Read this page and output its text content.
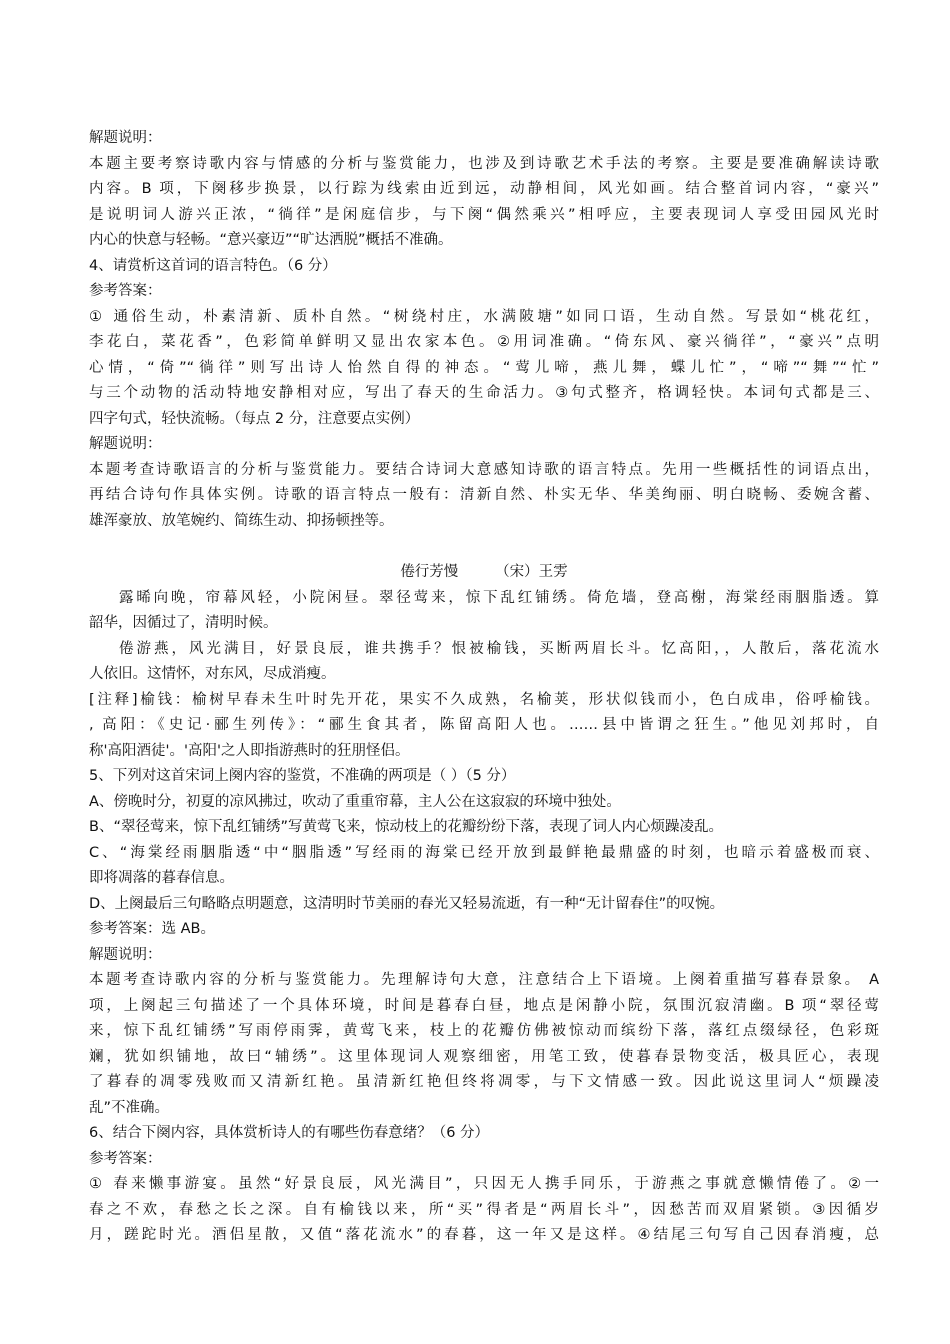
解题说明：
本题主要考察诗歌内容与情感的分析与鉴赏能力，也涉及到诗歌艺术手法的考察。主要是要准确解读诗歌
内容。B 项，下阕移步换景，以行踪为线索由近到远，动静相间，风光如画。结合整首词内容，“豪兴”
是说明词人游兴正浓，“徜徉”是闲庭信步，与下阕“偶然乘兴”相呼应，主要表现词人享受田园风光时
内心的快意与轻畅。“意兴豪迈”“旷达洒脱”概括不准确。
4、请赏析这首词的语言特色。（6 分）
参考答案：
① 通俗生动，朴素清新、质朴自然。“树绕村庄，水满陂塘”如同口语，生动自然。写景如“桃花红，
李花白，菜花香”，色彩简单鲜明又显出农家本色。②用词准确。“倚东风、豪兴徜徉”，“豪兴”点明
心情，“倚”“徜徉”则写出诗人怡然自得的神态。“莺儿啼，燕儿舞，蝶儿忙”，“啼”“舞”“忙”
与三个动物的活动特地安静相对应，写出了春天的生命活力。③句式整齐，格调轻快。本词句式都是三、
四字句式，轻快流畅。（每点 2 分，注意要点实例）
解题说明：
本题考查诗歌语言的分析与鉴赏能力。要结合诗词大意感知诗歌的语言特点。先用一些概括性的词语点出，
再结合诗句作具体实例。诗歌的语言特点一般有：清新自然、朴实无华、华美绚丽、明白晓畅、委婉含蓄、
雄浑豪放、放笔婉约、简练生动、抑扬顿挫等。
倦行芳慢        （宋）王雱
露晞向晚，帘幕风轻，小院闲昼。翠径莺来，惊下乱红铺绣。倚危墙，登高榭，海棠经雨胭脂透。算
韶华，因循过了，清明时候。
倦游燕，风光满目，好景良辰，谁共携手？恨被榆钱，买断两眉长斗。忆高阳，，人散后，落花流水
人依旧。这情怀，对东风，尽成消瘦。
[注释]榆钱：榆树早春未生叶时先开花，果实不久成熟，名榆荚，形状似钱而小，色白成串，俗呼榆钱。
, 高阳：《史记·郦生列传》：“郦生食其者，陈留高阳人也。……县中皆谓之狂生。”他见刘邦时，自
称'高阳酒徒'。'高阳'之人即指游燕时的狂朋怪侣。
5、下列对这首宋词上阕内容的鉴赏，不准确的两项是（ ）（5 分）
A、傍晚时分，初夏的凉风拂过，吹动了重重帘幕，主人公在这寂寂的环境中独处。
B、“翠径莺来，惊下乱红铺绣”写黄莺飞来，惊动枝上的花瓣纷纷下落，表现了词人内心烦躁凌乱。
C、“海棠经雨胭脂透“中“胭脂透”写经雨的海棠已经开放到最鲜艳最鼎盛的时刻，也暗示着盛极而衰、
即将凋落的暮春信息。
D、上阕最后三句略略点明题意，这清明时节美丽的春光又轻易流逝，有一种“无计留春住”的叹惋。
参考答案：选 AB。
解题说明：
本题考查诗歌内容的分析与鉴赏能力。先理解诗句大意，注意结合上下语境。上阕着重描写暮春景象。 A
项，上阕起三句描述了一个具体环境，时间是暮春白昼，地点是闲静小院，氛围沉寂清幽。B 项“翠径莺
来，惊下乱红铺绣”写雨停雨霁，黄莺飞来，枝上的花瓣仿佛被惊动而缤纷下落，落红点缀绿径，色彩斑
斓，犹如织铺地，故曰“辅绣”。这里体现词人观察细密，用笔工致，使暮春景物变活，极具匠心，表现
了暮春的凋零残败而又清新红艳。虽清新红艳但终将凋零，与下文情感一致。因此说这里词人“烦躁凌
乱”不准确。
6、结合下阕内容，具体赏析诗人的有哪些伤春意绪？（6 分）
参考答案：
① 春来懒事游宴。虽然“好景良辰，风光满目”，只因无人携手同乐，于游燕之事就意懒情倦了。②一
春之不欢，春愁之长之深。自有榆钱以来，所“买”得者是“两眉长斗”，因愁苦而双眉紧锁。③因循岁
月，蹉跎时光。酒侣星散，又值“落花流水”的春暮，这一年又是这样。④结尾三句写自己因春消瘦，总
